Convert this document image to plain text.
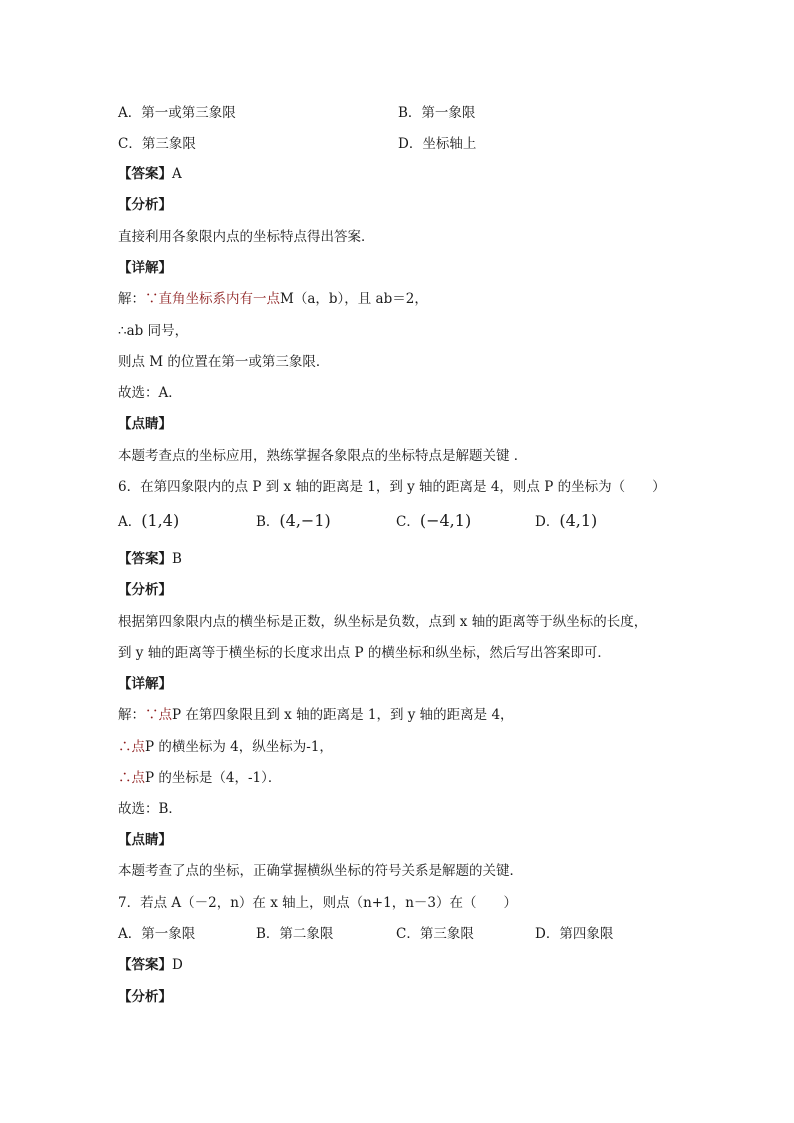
A．第一或第三象限	B．第一象限
C．第三象限	D．坐标轴上
【答案】A
【分析】
直接利用各象限内点的坐标特点得出答案．
【详解】
解：∵直角坐标系内有一点M（a，b），且 ab＝2，
∴ab 同号，
则点 M 的位置在第一或第三象限．
故选：A．
【点睛】
本题考查点的坐标应用，熟练掌握各象限点的坐标特点是解题关键 ．
6．在第四象限内的点 P 到 x 轴的距离是 1，到 y 轴的距离是 4，则点 P 的坐标为（　　）
A．(1,4)	B．(4,−1)	C．(−4,1)	D．(4,1)
【答案】B
【分析】
根据第四象限内点的横坐标是正数，纵坐标是负数，点到 x 轴的距离等于纵坐标的长度，
到 y 轴的距离等于横坐标的长度求出点 P 的横坐标和纵坐标，然后写出答案即可．
【详解】
解：∵点P 在第四象限且到 x 轴的距离是 1，到 y 轴的距离是 4，
∴点P 的横坐标为 4，纵坐标为-1，
∴点P 的坐标是（4，-1）．
故选：B．
【点睛】
本题考查了点的坐标，正确掌握横纵坐标的符号关系是解题的关键．
7．若点 A（－2，n）在 x 轴上，则点（n+1，n－3）在（　　）
A．第一象限	B．第二象限	C．第三象限	D．第四象限
【答案】D
【分析】
